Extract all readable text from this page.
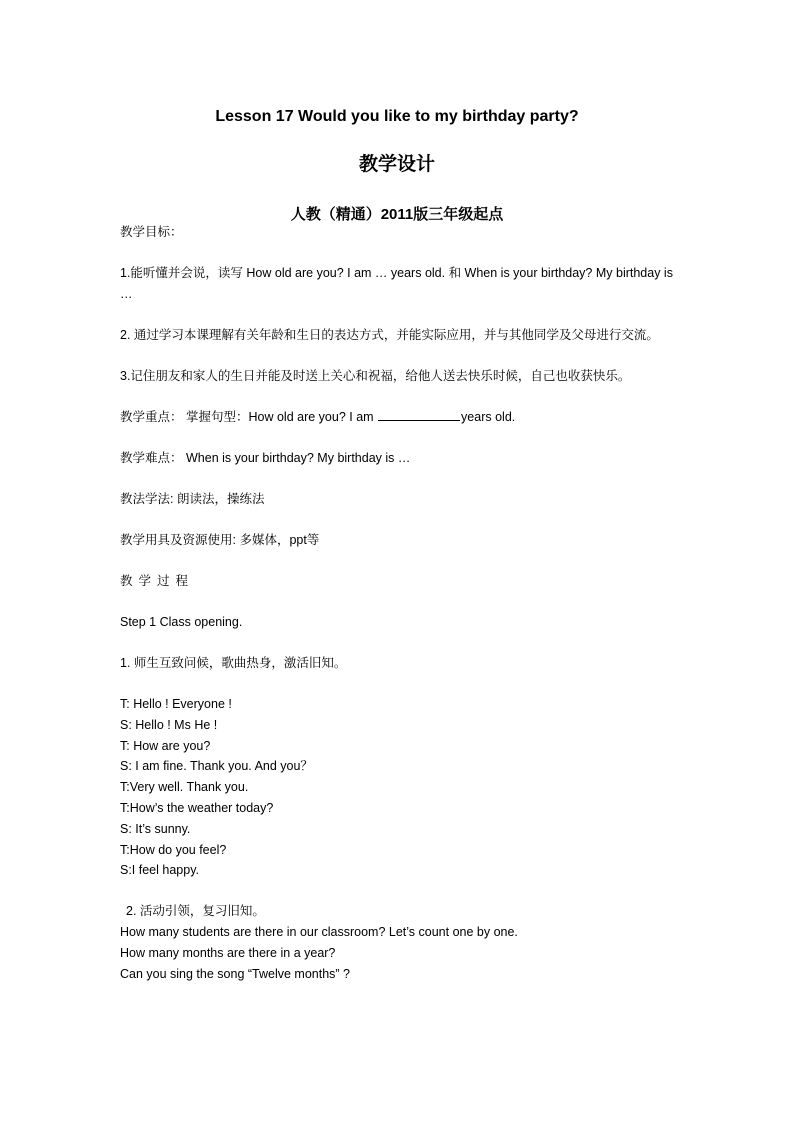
Lesson 17 Would you like to my birthday party?
教学设计
人教（精通）2011版三年级起点

教学目标：

1.能听懂并会说，读写 How old are you? I am … years old. 和 When is your birthday? My birthday is …

2. 通过学习本课理解有关年龄和生日的表达方式，并能实际应用，并与其他同学及父母进行交流。

3.记住朋友和家人的生日并能及时送上关心和祝福，给他人送去快乐时候，自己也收获快乐。

教学重点： 掌握句型：How old are you? I am	years old.

教学难点： When is your birthday? My birthday is …

教法学法: 朗读法，操练法

教学用具及资源使用: 多媒体，ppt等

教学过程

Step 1 Class opening.

1. 师生互致问候，歌曲热身，激活旧知。

T: Hello ! Everyone !

S: Hello ! Ms He !

T: How are you?

S: I am fine. Thank you. And you？

T:Very well. Thank you.

T:How’s the weather today?

S: It’s sunny.

T:How do you feel?

S:I feel happy.

2. 活动引领，复习旧知。

How many students are there in our classroom? Let’s count one by one.

How many months are there in a year?

Can you sing the song “Twelve months” ?
